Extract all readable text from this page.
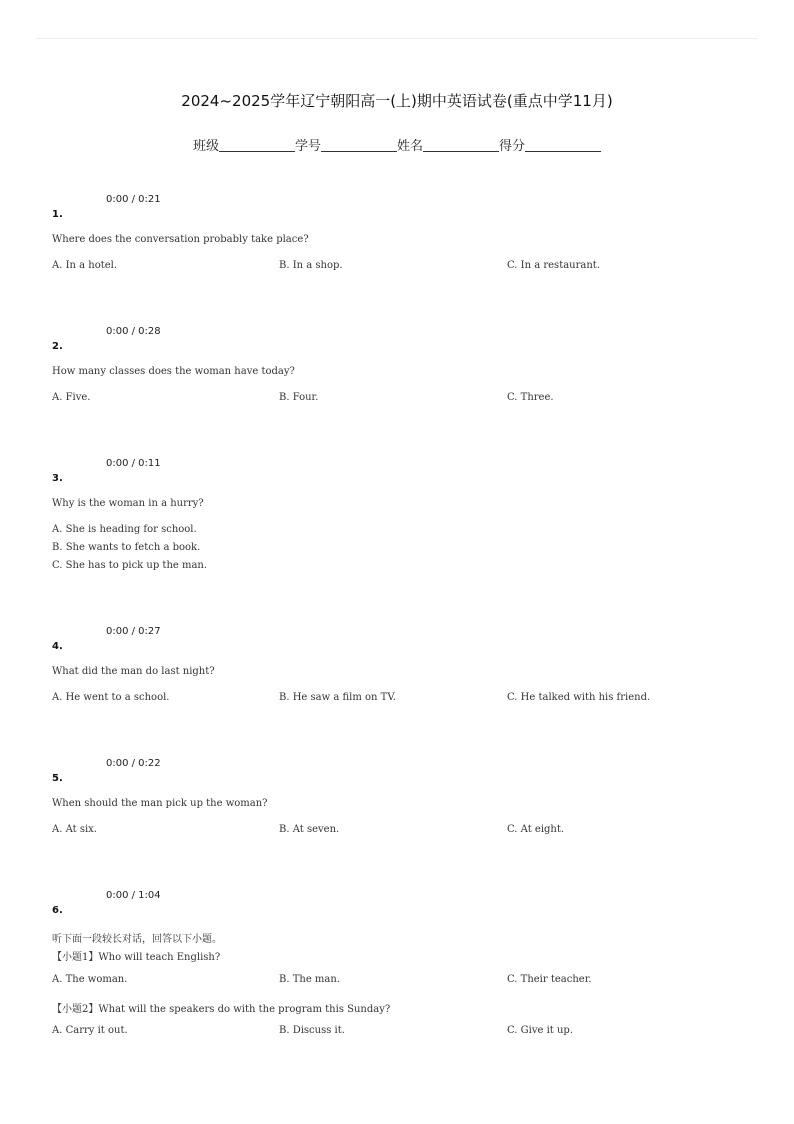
2024~2025学年辽宁朝阳高一(上)期中英语试卷(重点中学11月)
班级	学号	姓名	得分
0:00 / 0:21
1.
Where does the conversation probably take place?
A. In a hotel.	B. In a shop.	C. In a restaurant.
0:00 / 0:28
2.
How many classes does the woman have today?
A. Five.	B. Four.	C. Three.
0:00 / 0:11
3.
Why is the woman in a hurry?
A. She is heading for school.
B. She wants to fetch a book.
C. She has to pick up the man.
0:00 / 0:27
4.
What did the man do last night?
A. He went to a school.	B. He saw a film on TV.	C. He talked with his friend.
0:00 / 0:22
5.
When should the man pick up the woman?
A. At six.	B. At seven.	C. At eight.
0:00 / 1:04
6.
听下面一段较长对话，回答以下小题。
【小题1】Who will teach English?
A. The woman.	B. The man.	C. Their teacher.
【小题2】What will the speakers do with the program this Sunday?
A. Carry it out.	B. Discuss it.	C. Give it up.
